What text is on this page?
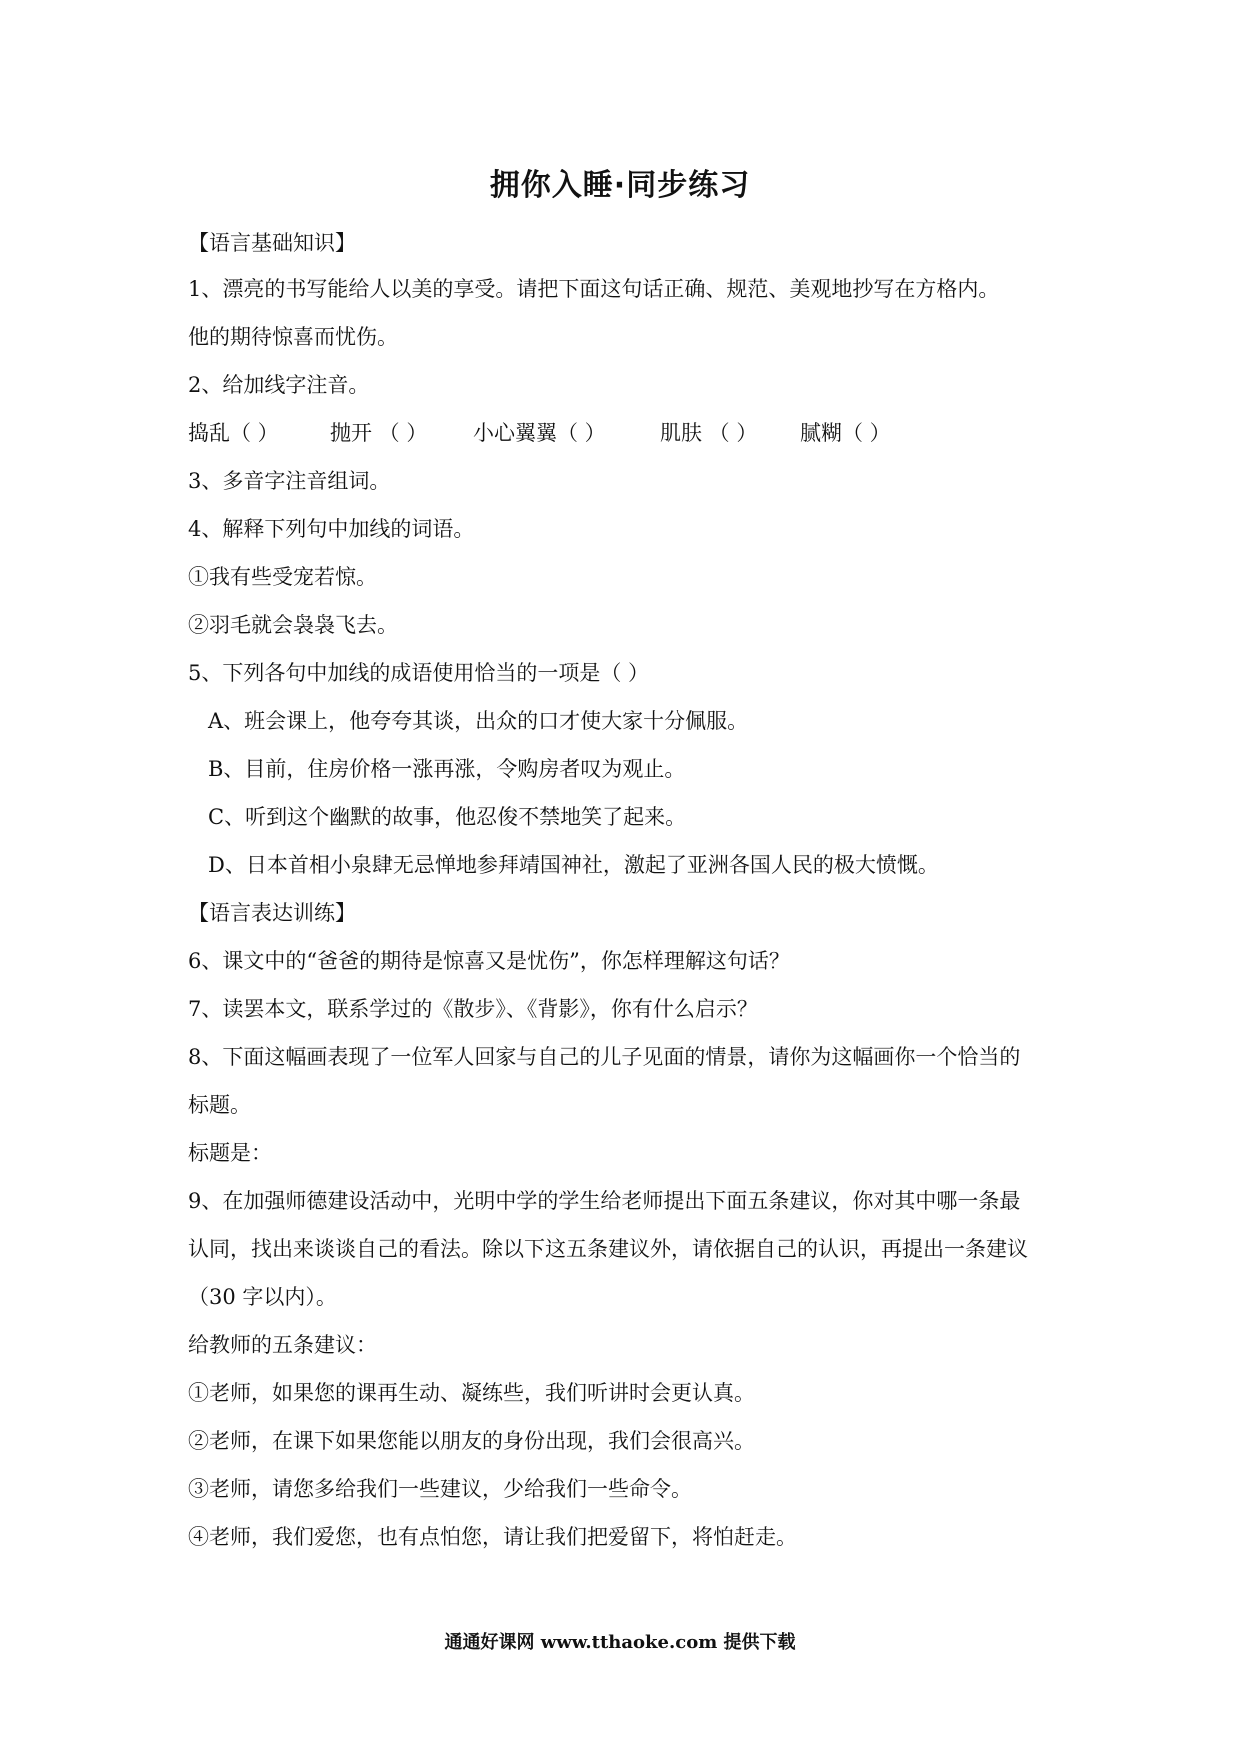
拥你入睡·同步练习
【语言基础知识】
1、漂亮的书写能给人以美的享受。请把下面这句话正确、规范、美观地抄写在方格内。
他的期待惊喜而忧伤。
2、给加线字注音。
捣乱（ ） 抛开 （ ） 小心翼翼（ ）	肌肤 （ ） 腻糊（ ）
3、多音字注音组词。
4、解释下列句中加线的词语。
①我有些受宠若惊。
②羽毛就会袅袅飞去。
5、下列各句中加线的成语使用恰当的一项是（ ）
A、班会课上，他夸夸其谈，出众的口才使大家十分佩服。
B、目前，住房价格一涨再涨，令购房者叹为观止。
C、听到这个幽默的故事，他忍俊不禁地笑了起来。
D、日本首相小泉肆无忌惮地参拜靖国神社，激起了亚洲各国人民的极大愤慨。
【语言表达训练】
6、课文中的“爸爸的期待是惊喜又是忧伤”，你怎样理解这句话？
7、读罢本文，联系学过的《散步》、《背影》，你有什么启示？
8、下面这幅画表现了一位军人回家与自己的儿子见面的情景，请你为这幅画你一个恰当的
标题。
标题是：
9、在加强师德建设活动中，光明中学的学生给老师提出下面五条建议，你对其中哪一条最
认同，找出来谈谈自己的看法。除以下这五条建议外，请依据自己的认识，再提出一条建议
（30 字以内）。
给教师的五条建议：
①老师，如果您的课再生动、凝练些，我们听讲时会更认真。
②老师，在课下如果您能以朋友的身份出现，我们会很高兴。
③老师，请您多给我们一些建议，少给我们一些命令。
④老师，我们爱您，也有点怕您，请让我们把爱留下，将怕赶走。
通通好课网 www.tthaoke.com 提供下载
